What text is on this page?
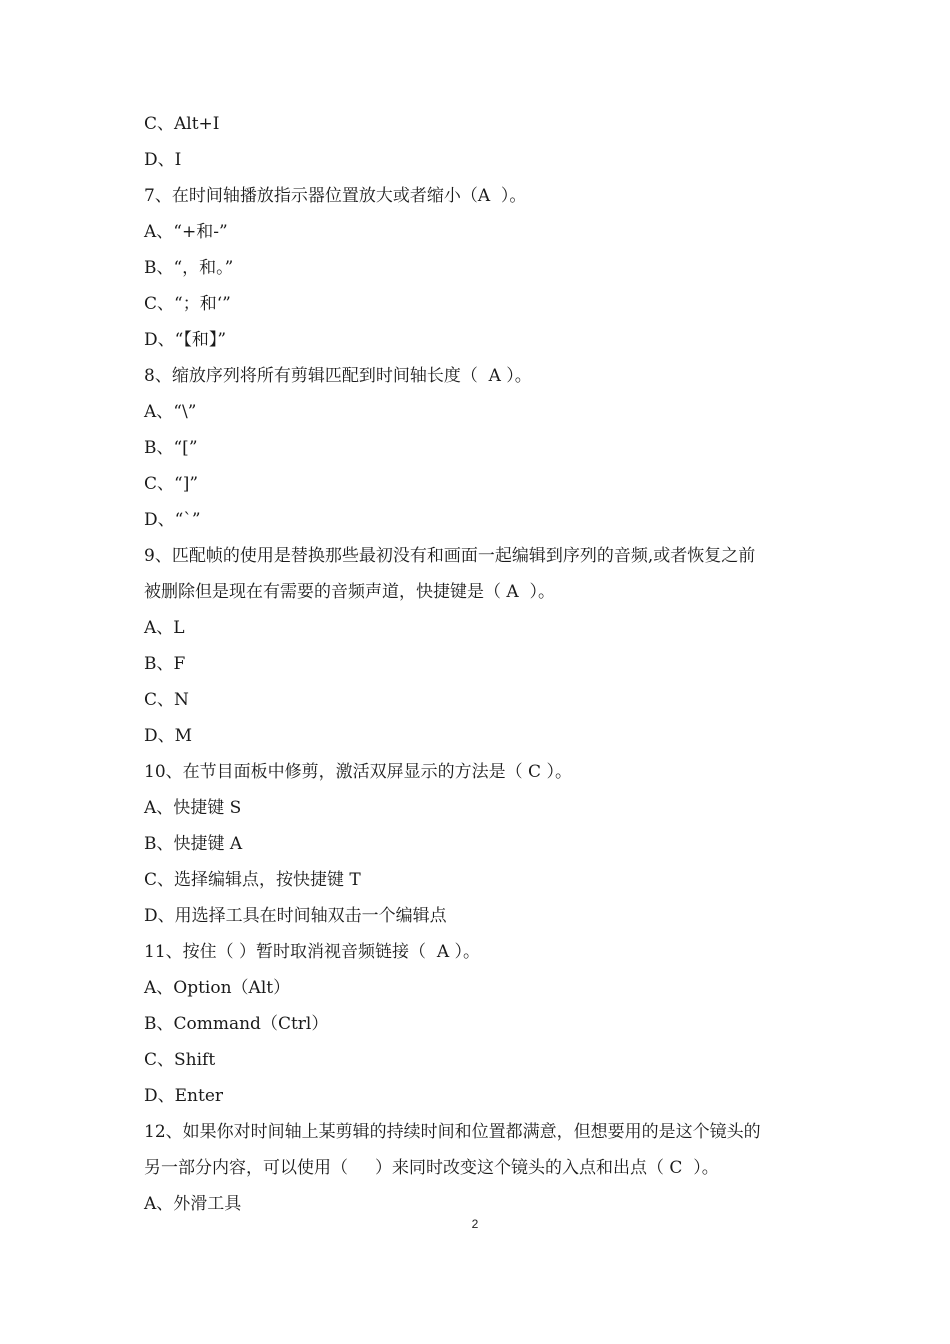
C、Alt+I
D、I
7、在时间轴播放指示器位置放大或者缩小（A  ）。
A、“+和-”
B、“，和。”
C、“；和‘”
D、“【和】”
8、缩放序列将所有剪辑匹配到时间轴长度（  A ）。
A、“\”
B、“[”
C、“]”
D、“`”
9、匹配帧的使用是替换那些最初没有和画面一起编辑到序列的音频,或者恢复之前
被删除但是现在有需要的音频声道，快捷键是（ A  ）。
A、L
B、F
C、N
D、M
10、在节目面板中修剪，激活双屏显示的方法是（ C ）。
A、快捷键 S
B、快捷键 A
C、选择编辑点，按快捷键 T
D、用选择工具在时间轴双击一个编辑点
11、按住（ ）暂时取消视音频链接（  A ）。
A、Option（Alt）
B、Command（Ctrl）
C、Shift
D、Enter
12、如果你对时间轴上某剪辑的持续时间和位置都满意，但想要用的是这个镜头的
另一部分内容，可以使用（     ）来同时改变这个镜头的入点和出点（ C  ）。
A、外滑工具
2
